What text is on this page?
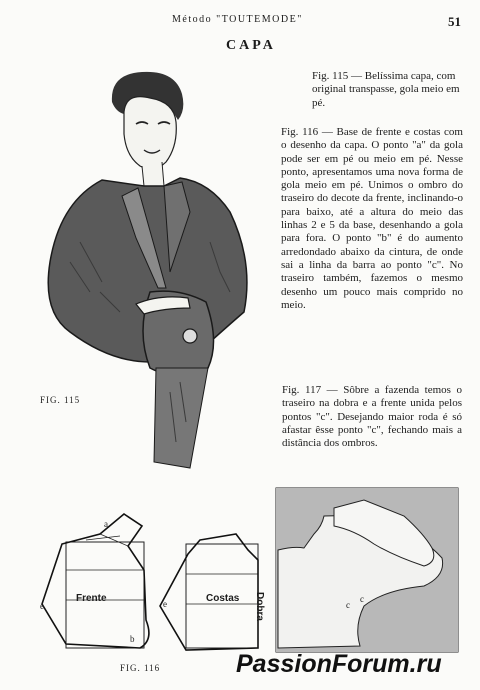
Método "TOUTEMODE"	51
CAPA
Fig. 115 — Belíssima capa, com original transpasse, gola meio em pé.
Fig. 116 — Base de frente e costas com o desenho da capa. O ponto "a" da gola pode ser em pé ou meio em pé. Nesse ponto, apresentamos uma nova forma de gola meio em pé. Unimos o ombro do traseiro do decote da frente, inclinando-o para baixo, até a altura do meio das linhas 2 e 5 da base, desenhando a gola para fora. O ponto "b" é do aumento arredondado abaixo da cintura, de onde sai a linha da barra ao ponto "c". No traseiro também, fazemos o mesmo desenho um pouco mais comprido no meio.
Fig. 117 — Sôbre a fazenda temos o traseiro na dobra e a frente unida pelos pontos "c". Desejando maior roda é só afastar êsse ponto "c", fechando mais a distância dos ombros.
FIG. 115
Frente	Costas
a
b
e	e
FIG. 116
Dobra	c
c
PassionForum.ru
